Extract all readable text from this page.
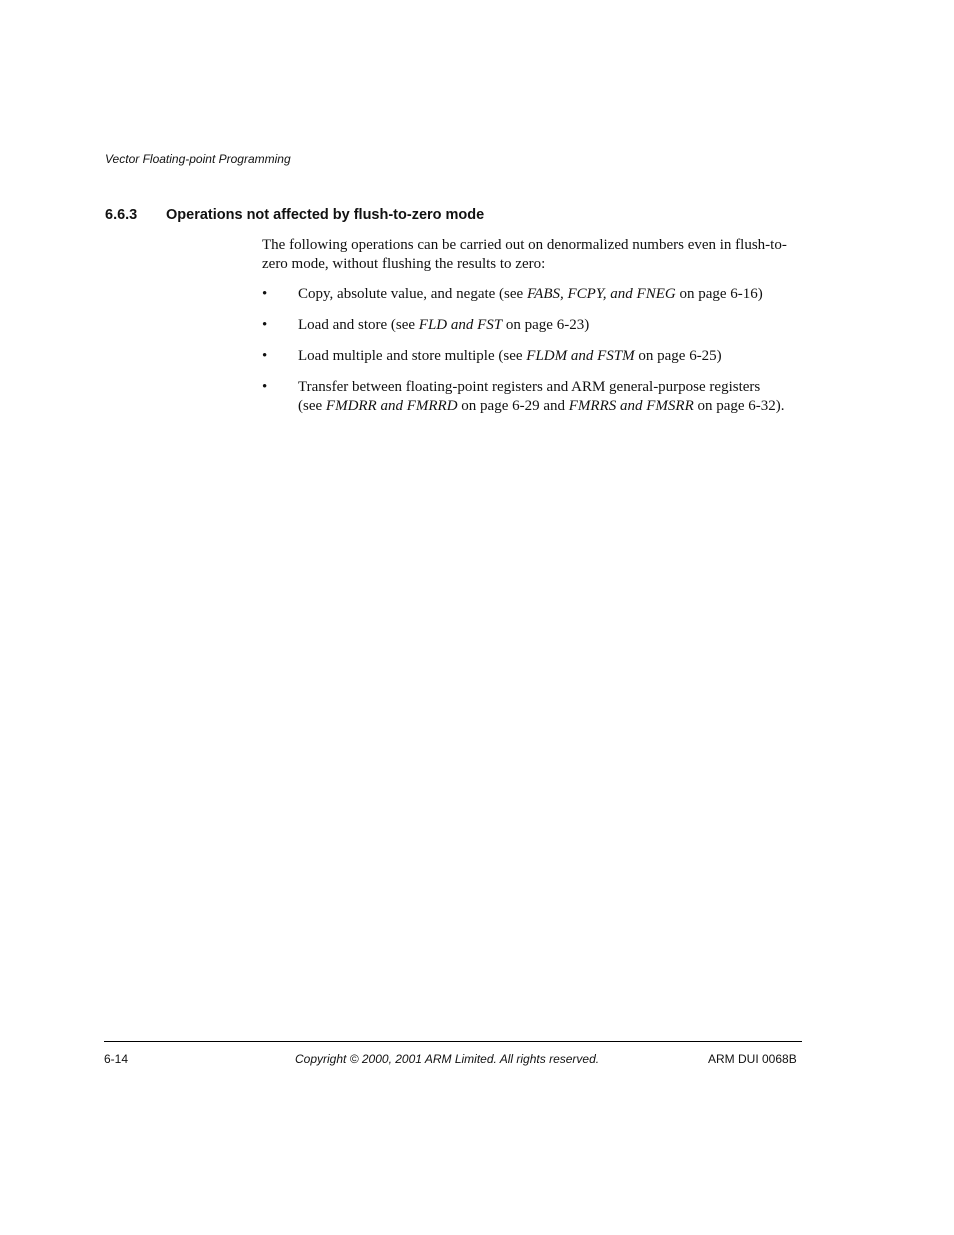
Vector Floating-point Programming
6.6.3 Operations not affected by flush-to-zero mode

The following operations can be carried out on denormalized numbers even in flush-to-zero mode, without flushing the results to zero:

• Copy, absolute value, and negate (see FABS, FCPY, and FNEG on page 6-16)
• Load and store (see FLD and FST on page 6-23)
• Load multiple and store multiple (see FLDM and FSTM on page 6-25)
• Transfer between floating-point registers and ARM general-purpose registers
(see FMDRR and FMRRD on page 6-29 and FMRRS and FMSRR on page 6-32).
6-14	Copyright © 2000, 2001 ARM Limited. All rights reserved.	ARM DUI 0068B
